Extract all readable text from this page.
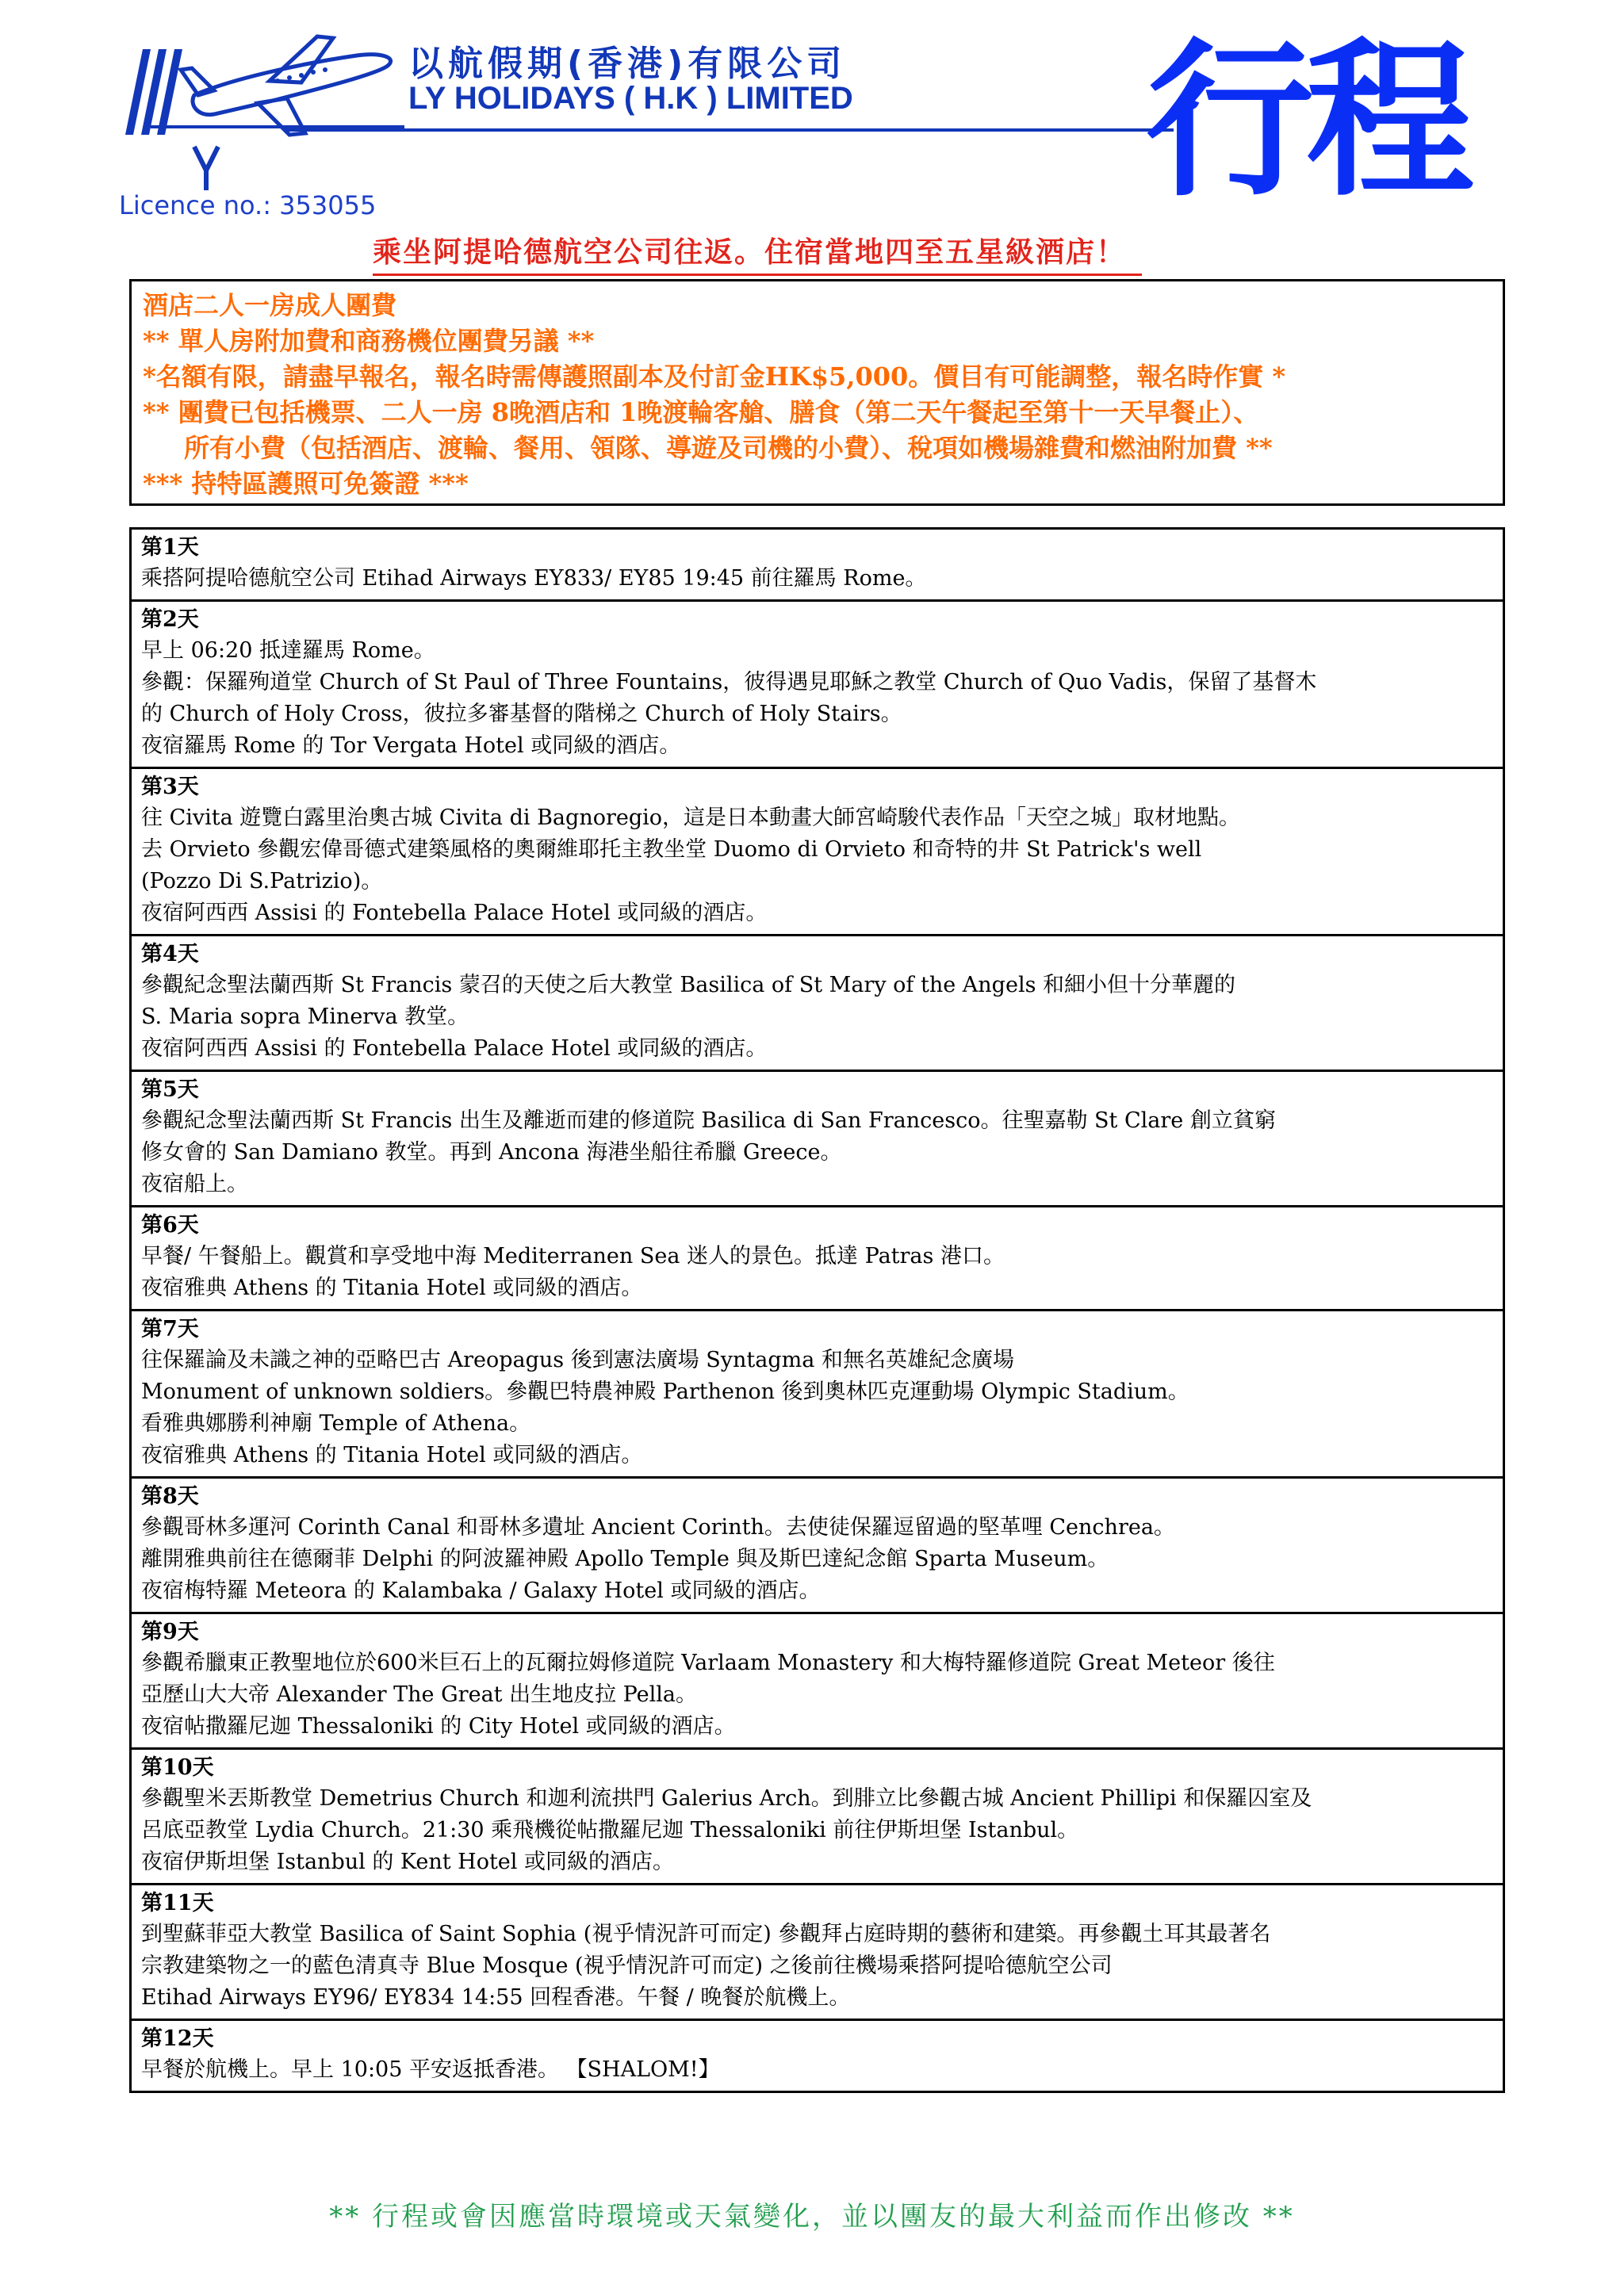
以航假期(香港)有限公司
LY HOLIDAYS ( H.K ) LIMITED
Licence no.: 353055	行程
乘坐阿提哈德航空公司往返。住宿當地四至五星級酒店！
酒店二人一房成人團費
** 單人房附加費和商務機位團費另議 **
*名額有限，請盡早報名，報名時需傳護照副本及付訂金HK$5,000。價目有可能調整，報名時作實 *
** 團費已包括機票、二人一房 8晚酒店和 1晚渡輪客艙、膳食（第二天午餐起至第十一天早餐止）、
所有小費（包括酒店、渡輪、餐用、領隊、導遊及司機的小費）、稅項如機場雜費和燃油附加費 **
*** 持特區護照可免簽證 ***
第1天
乘搭阿提哈德航空公司 Etihad Airways EY833/ EY85 19:45 前往羅馬 Rome。
第2天
早上 06:20 抵達羅馬 Rome。
參觀：保羅殉道堂 Church of St Paul of Three Fountains，彼得遇見耶穌之教堂 Church of Quo Vadis，保留了基督木
的 Church of Holy Cross，彼拉多審基督的階梯之 Church of Holy Stairs。
夜宿羅馬 Rome 的 Tor Vergata Hotel 或同級的酒店。
第3天
往 Civita 遊覽白露里治奧古城 Civita di Bagnoregio，這是日本動畫大師宮崎駿代表作品「天空之城」取材地點。
去 Orvieto 參觀宏偉哥德式建築風格的奧爾維耶托主教坐堂 Duomo di Orvieto 和奇特的井 St Patrick's well
(Pozzo Di S.Patrizio)。
夜宿阿西西 Assisi 的 Fontebella Palace Hotel 或同級的酒店。
第4天
參觀紀念聖法蘭西斯 St Francis 蒙召的天使之后大教堂 Basilica of St Mary of the Angels 和細小但十分華麗的
S. Maria sopra Minerva 教堂。
夜宿阿西西 Assisi 的 Fontebella Palace Hotel 或同級的酒店。
第5天
參觀紀念聖法蘭西斯 St Francis 出生及離逝而建的修道院 Basilica di San Francesco。往聖嘉勒 St Clare 創立貧窮
修女會的 San Damiano 教堂。再到 Ancona 海港坐船往希臘 Greece。
夜宿船上。
第6天
早餐/ 午餐船上。觀賞和享受地中海 Mediterranen Sea 迷人的景色。抵達 Patras 港口。
夜宿雅典 Athens 的 Titania Hotel 或同級的酒店。
第7天
往保羅論及未識之神的亞略巴古 Areopagus 後到憲法廣場 Syntagma 和無名英雄紀念廣場
Monument of unknown soldiers。參觀巴特農神殿 Parthenon 後到奧林匹克運動場 Olympic Stadium。
看雅典娜勝利神廟 Temple of Athena。
夜宿雅典 Athens 的 Titania Hotel 或同級的酒店。
第8天
參觀哥林多運河 Corinth Canal 和哥林多遺址 Ancient Corinth。去使徒保羅逗留過的堅革哩 Cenchrea。
離開雅典前往在德爾菲 Delphi 的阿波羅神殿 Apollo Temple 與及斯巴達紀念館 Sparta Museum。
夜宿梅特羅 Meteora 的 Kalambaka / Galaxy Hotel 或同級的酒店。
第9天
參觀希臘東正教聖地位於600米巨石上的瓦爾拉姆修道院 Varlaam Monastery 和大梅特羅修道院 Great Meteor 後往
亞歷山大大帝 Alexander The Great 出生地皮拉 Pella。
夜宿帖撒羅尼迦 Thessaloniki 的 City Hotel 或同級的酒店。
第10天
參觀聖米丟斯教堂 Demetrius Church 和迦利流拱門 Galerius Arch。到腓立比參觀古城 Ancient Phillipi 和保羅囚室及
呂底亞教堂 Lydia Church。21:30 乘飛機從帖撒羅尼迦 Thessaloniki 前往伊斯坦堡 Istanbul。
夜宿伊斯坦堡 Istanbul 的 Kent Hotel 或同級的酒店。
第11天
到聖蘇菲亞大教堂 Basilica of Saint Sophia (視乎情況許可而定) 參觀拜占庭時期的藝術和建築。再參觀土耳其最著名
宗教建築物之一的藍色清真寺 Blue Mosque (視乎情況許可而定) 之後前往機場乘搭阿提哈德航空公司
Etihad Airways EY96/ EY834 14:55 回程香港。午餐 / 晚餐於航機上。
第12天
早餐於航機上。早上 10:05 平安返抵香港。 【SHALOM!】
** 行程或會因應當時環境或天氣變化，並以團友的最大利益而作出修改 **
